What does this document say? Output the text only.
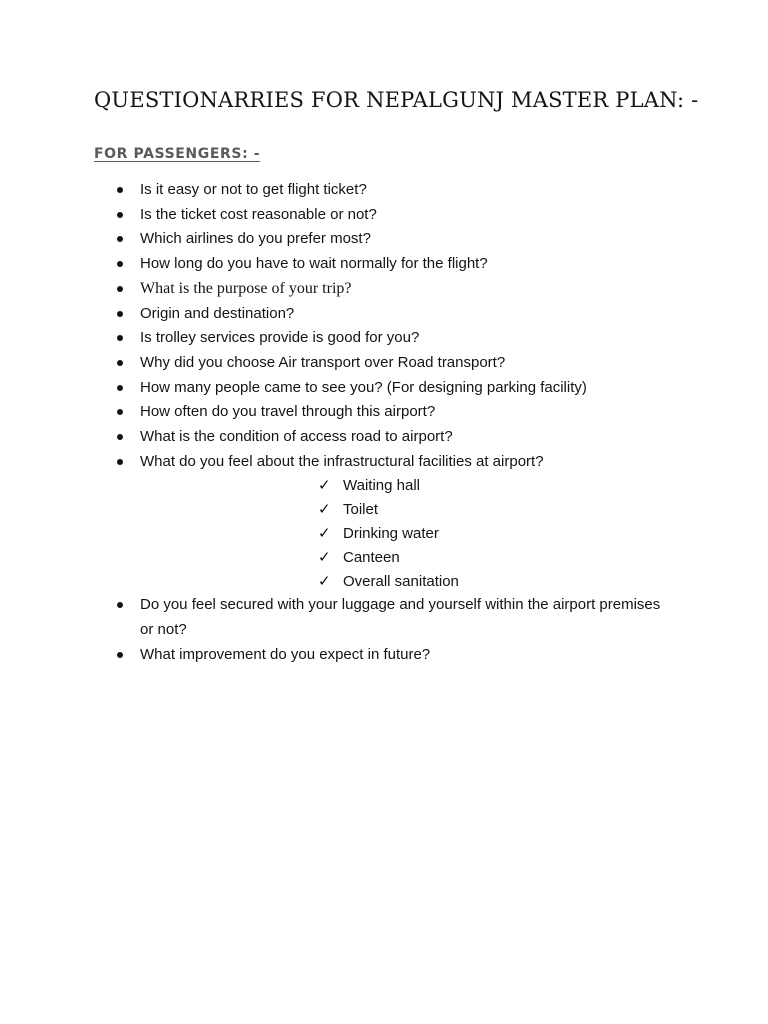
QUESTIONARRIES FOR NEPALGUNJ MASTER PLAN: -
FOR PASSENGERS: -
Is it easy or not to get flight ticket?
Is the ticket cost reasonable or not?
Which airlines do you prefer most?
How long do you have to wait normally for the flight?
What is the purpose of your trip?
Origin and destination?
Is trolley services provide is good for you?
Why did you choose Air transport over Road transport?
How many people came to see you? (For designing parking facility)
How often do you travel through this airport?
What is the condition of access road to airport?
What do you feel about the infrastructural facilities at airport?
✓ Waiting hall
✓ Toilet
✓ Drinking water
✓ Canteen
✓ Overall sanitation
Do you feel secured with your luggage and yourself within the airport premises or not?
What improvement do you expect in future?
